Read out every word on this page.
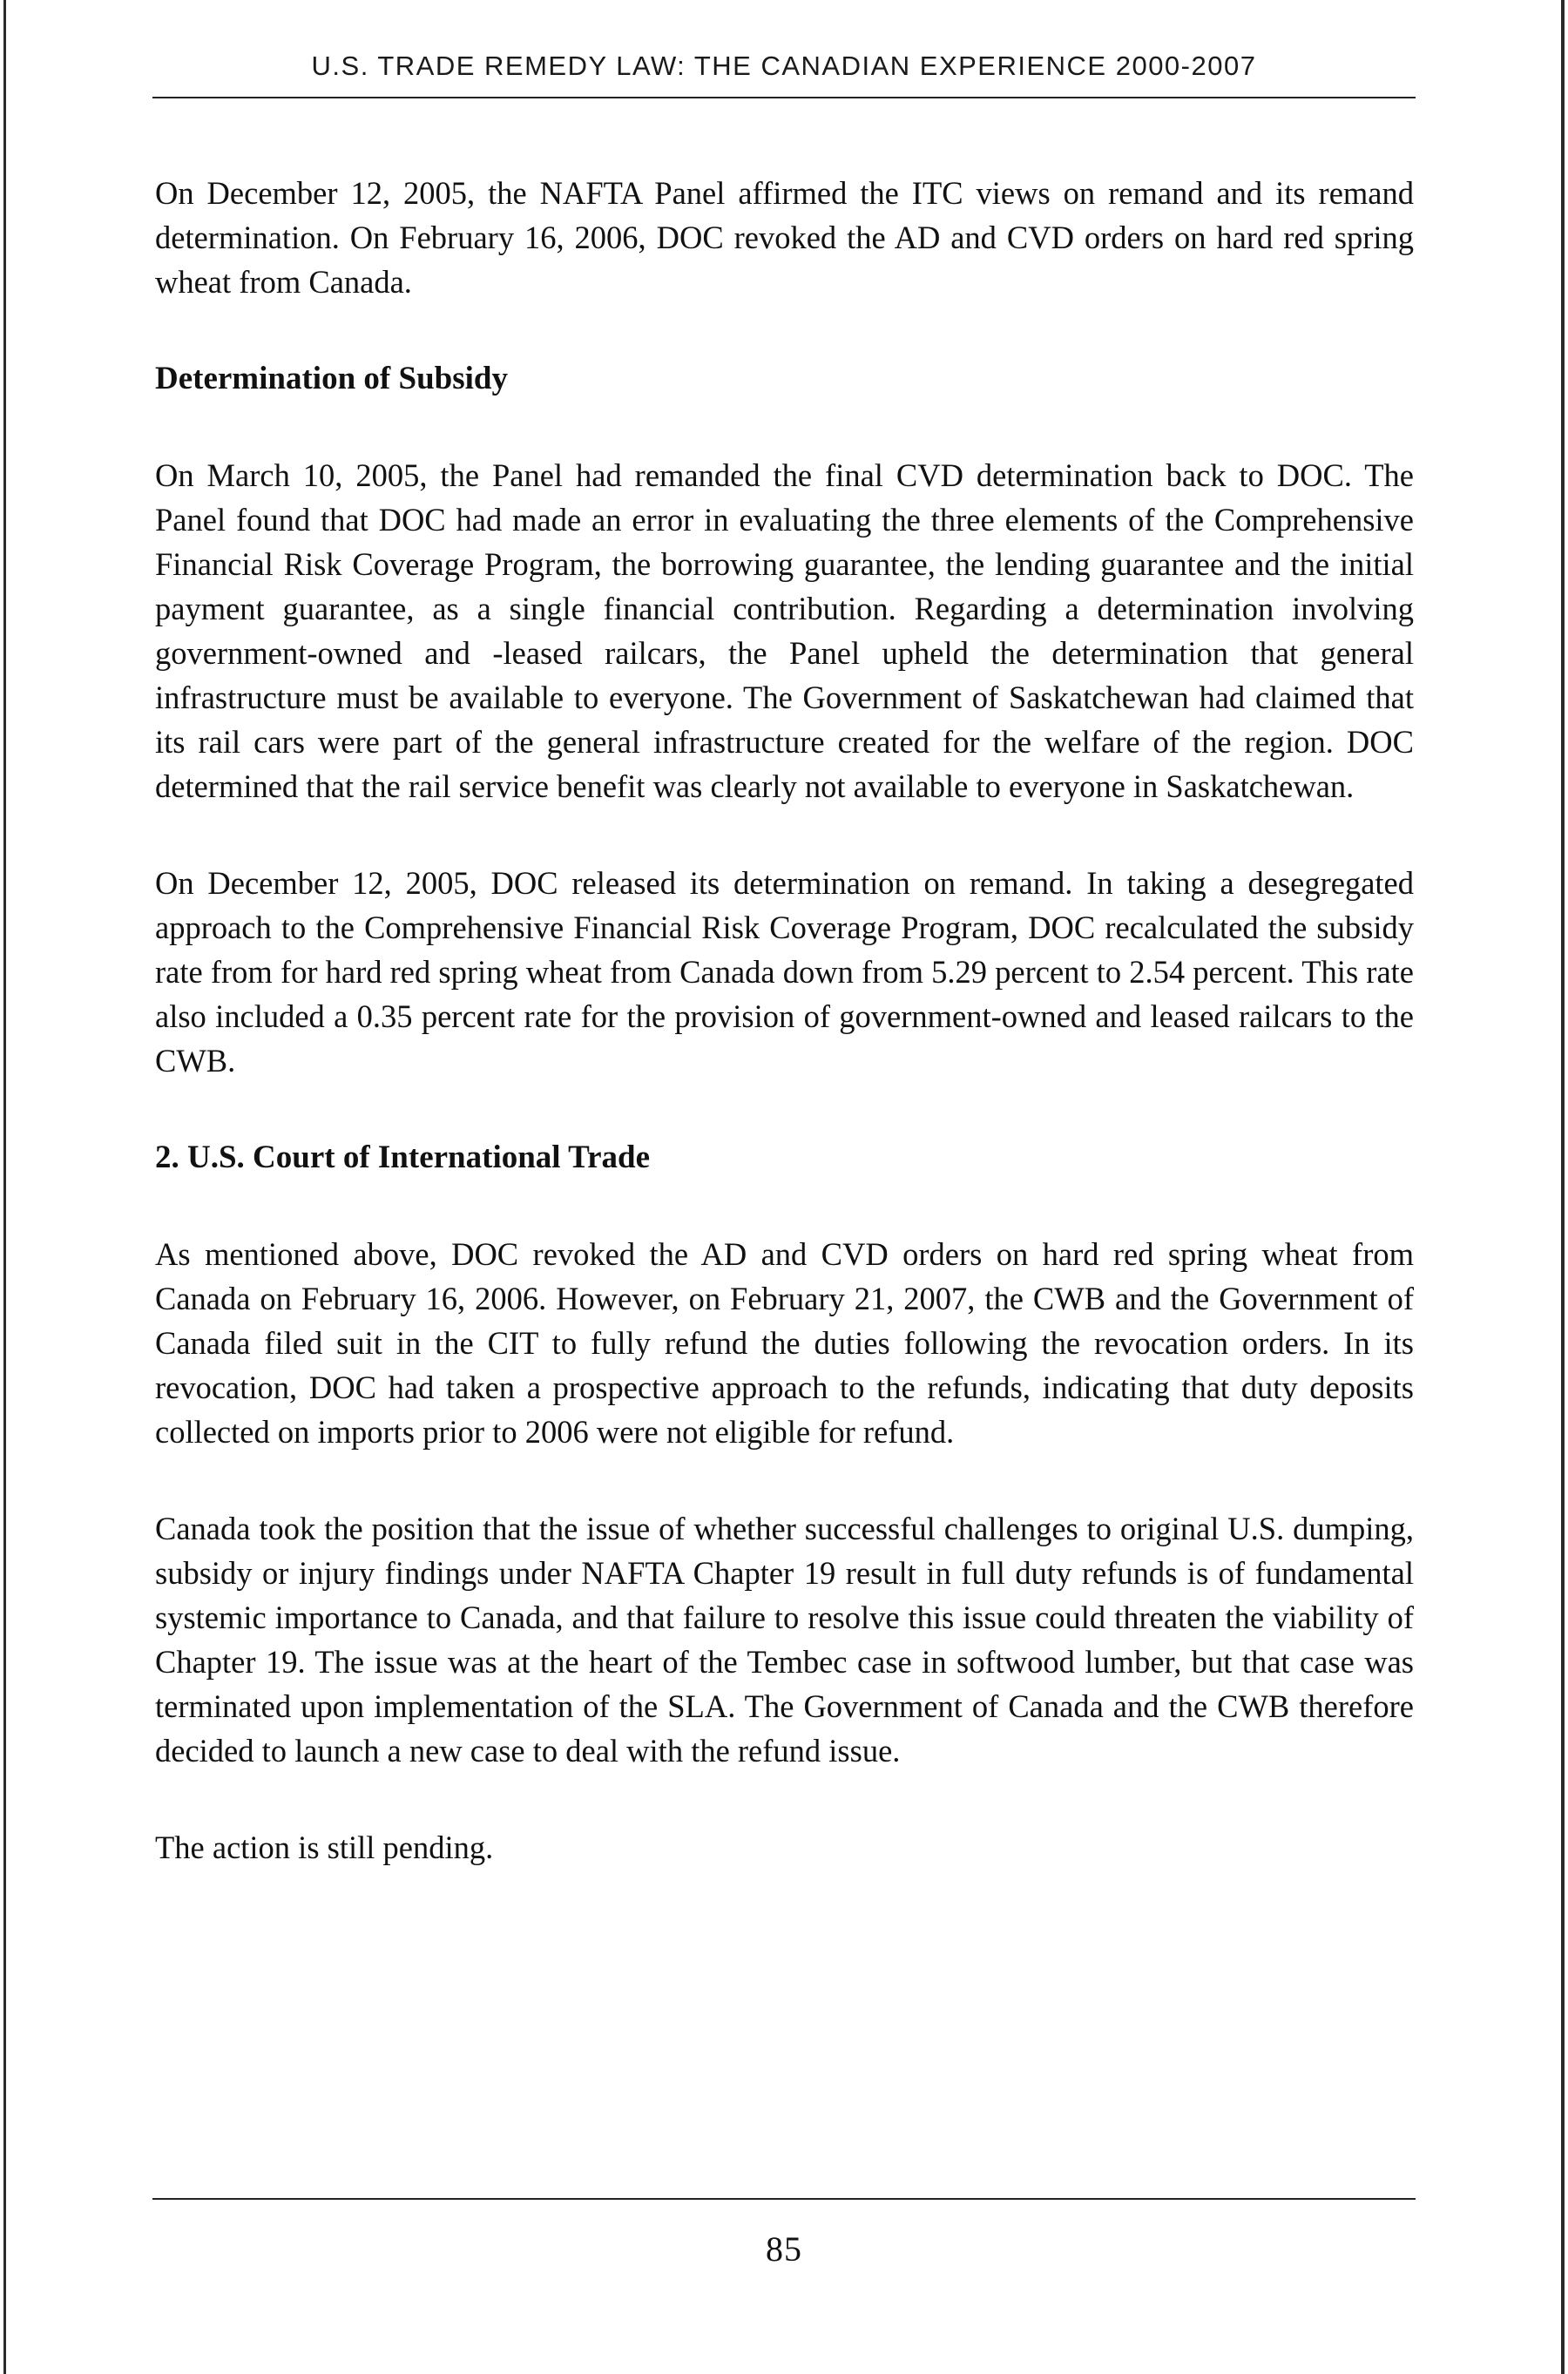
U.S. TRADE REMEDY LAW: THE CANADIAN EXPERIENCE 2000-2007

On December 12, 2005, the NAFTA Panel affirmed the ITC views on remand and its remand determination. On February 16, 2006, DOC revoked the AD and CVD orders on hard red spring wheat from Canada.

Determination of Subsidy

On March 10, 2005, the Panel had remanded the final CVD determination back to DOC. The Panel found that DOC had made an error in evaluating the three elements of the Comprehensive Financial Risk Coverage Program, the borrowing guarantee, the lending guarantee and the initial payment guarantee, as a single financial contribution. Regarding a determination involving government-owned and -leased railcars, the Panel upheld the determination that general infrastructure must be available to everyone. The Government of Saskatchewan had claimed that its rail cars were part of the general infrastructure created for the welfare of the region. DOC determined that the rail service benefit was clearly not available to everyone in Saskatchewan.

On December 12, 2005, DOC released its determination on remand. In taking a desegregated approach to the Comprehensive Financial Risk Coverage Program, DOC recalculated the subsidy rate from for hard red spring wheat from Canada down from 5.29 percent to 2.54 percent. This rate also included a 0.35 percent rate for the provision of government-owned and leased railcars to the CWB.

2. U.S. Court of International Trade

As mentioned above, DOC revoked the AD and CVD orders on hard red spring wheat from Canada on February 16, 2006. However, on February 21, 2007, the CWB and the Government of Canada filed suit in the CIT to fully refund the duties following the revocation orders. In its revocation, DOC had taken a prospective approach to the refunds, indicating that duty deposits collected on imports prior to 2006 were not eligible for refund.

Canada took the position that the issue of whether successful challenges to original U.S. dumping, subsidy or injury findings under NAFTA Chapter 19 result in full duty refunds is of fundamental systemic importance to Canada, and that failure to resolve this issue could threaten the viability of Chapter 19. The issue was at the heart of the Tembec case in softwood lumber, but that case was terminated upon implementation of the SLA. The Government of Canada and the CWB therefore decided to launch a new case to deal with the refund issue.

The action is still pending.

85
